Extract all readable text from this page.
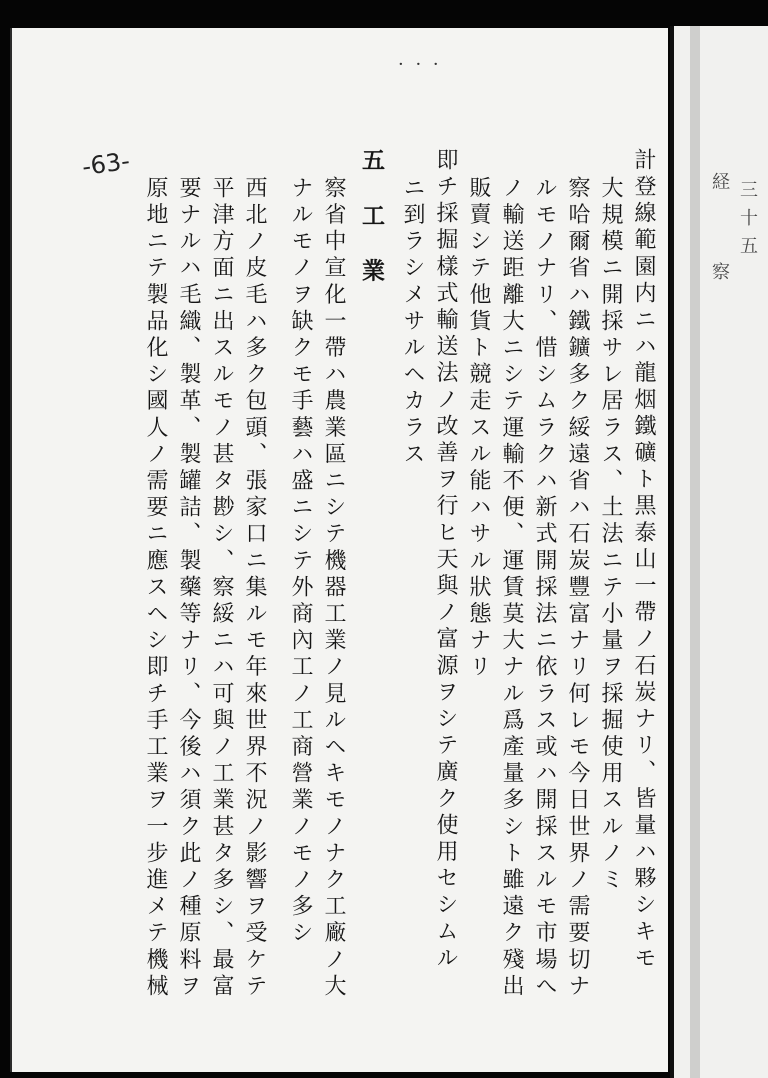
-63-
· · ·
計登線範園内ニハ龍烟鐵礦ト黒泰山一帶ノ石炭ナリ、皆量ハ夥シキモ
大規模ニ開採サレ居ラス、土法ニテ小量ヲ採掘使用スルノミ
察哈爾省ハ鐵鑛多ク綏遠省ハ石炭豐富ナリ何レモ今日世界ノ需要切ナ
ルモノナリ、惜シムラクハ新式開採法ニ依ラス或ハ開採スルモ市場へ
ノ輸送距離大ニシテ運輸不便、運賃莫大ナル爲產量多シト雖遠ク殘出
販賣シテ他貨ト競走スル能ハサル狀態ナリ
即チ採掘樣式輸送法ノ改善ヲ行ヒ天與ノ富源ヲシテ廣ク使用セシムル
ニ到ラシメサルヘカラス
五　工　業
察省中宣化一帶ハ農業區ニシテ機器工業ノ見ルヘキモノナク工廠ノ大
ナルモノヲ缺クモ手藝ハ盛ニシテ外商內工ノ工商營業ノモノ多シ
西北ノ皮毛ハ多ク包頭、張家口ニ集ルモ年來世界不況ノ影響ヲ受ケテ
平津方面ニ出スルモノ甚タ尠シ、察綏ニハ可與ノ工業甚タ多シ、最富
要ナルハ毛織、製革、製罐詰、製藥等ナリ、今後ハ須ク此ノ種原料ヲ
原地ニテ製品化シ國人ノ需要ニ應スヘシ即チ手工業ヲ一步進メテ機械	三十五
経
察
